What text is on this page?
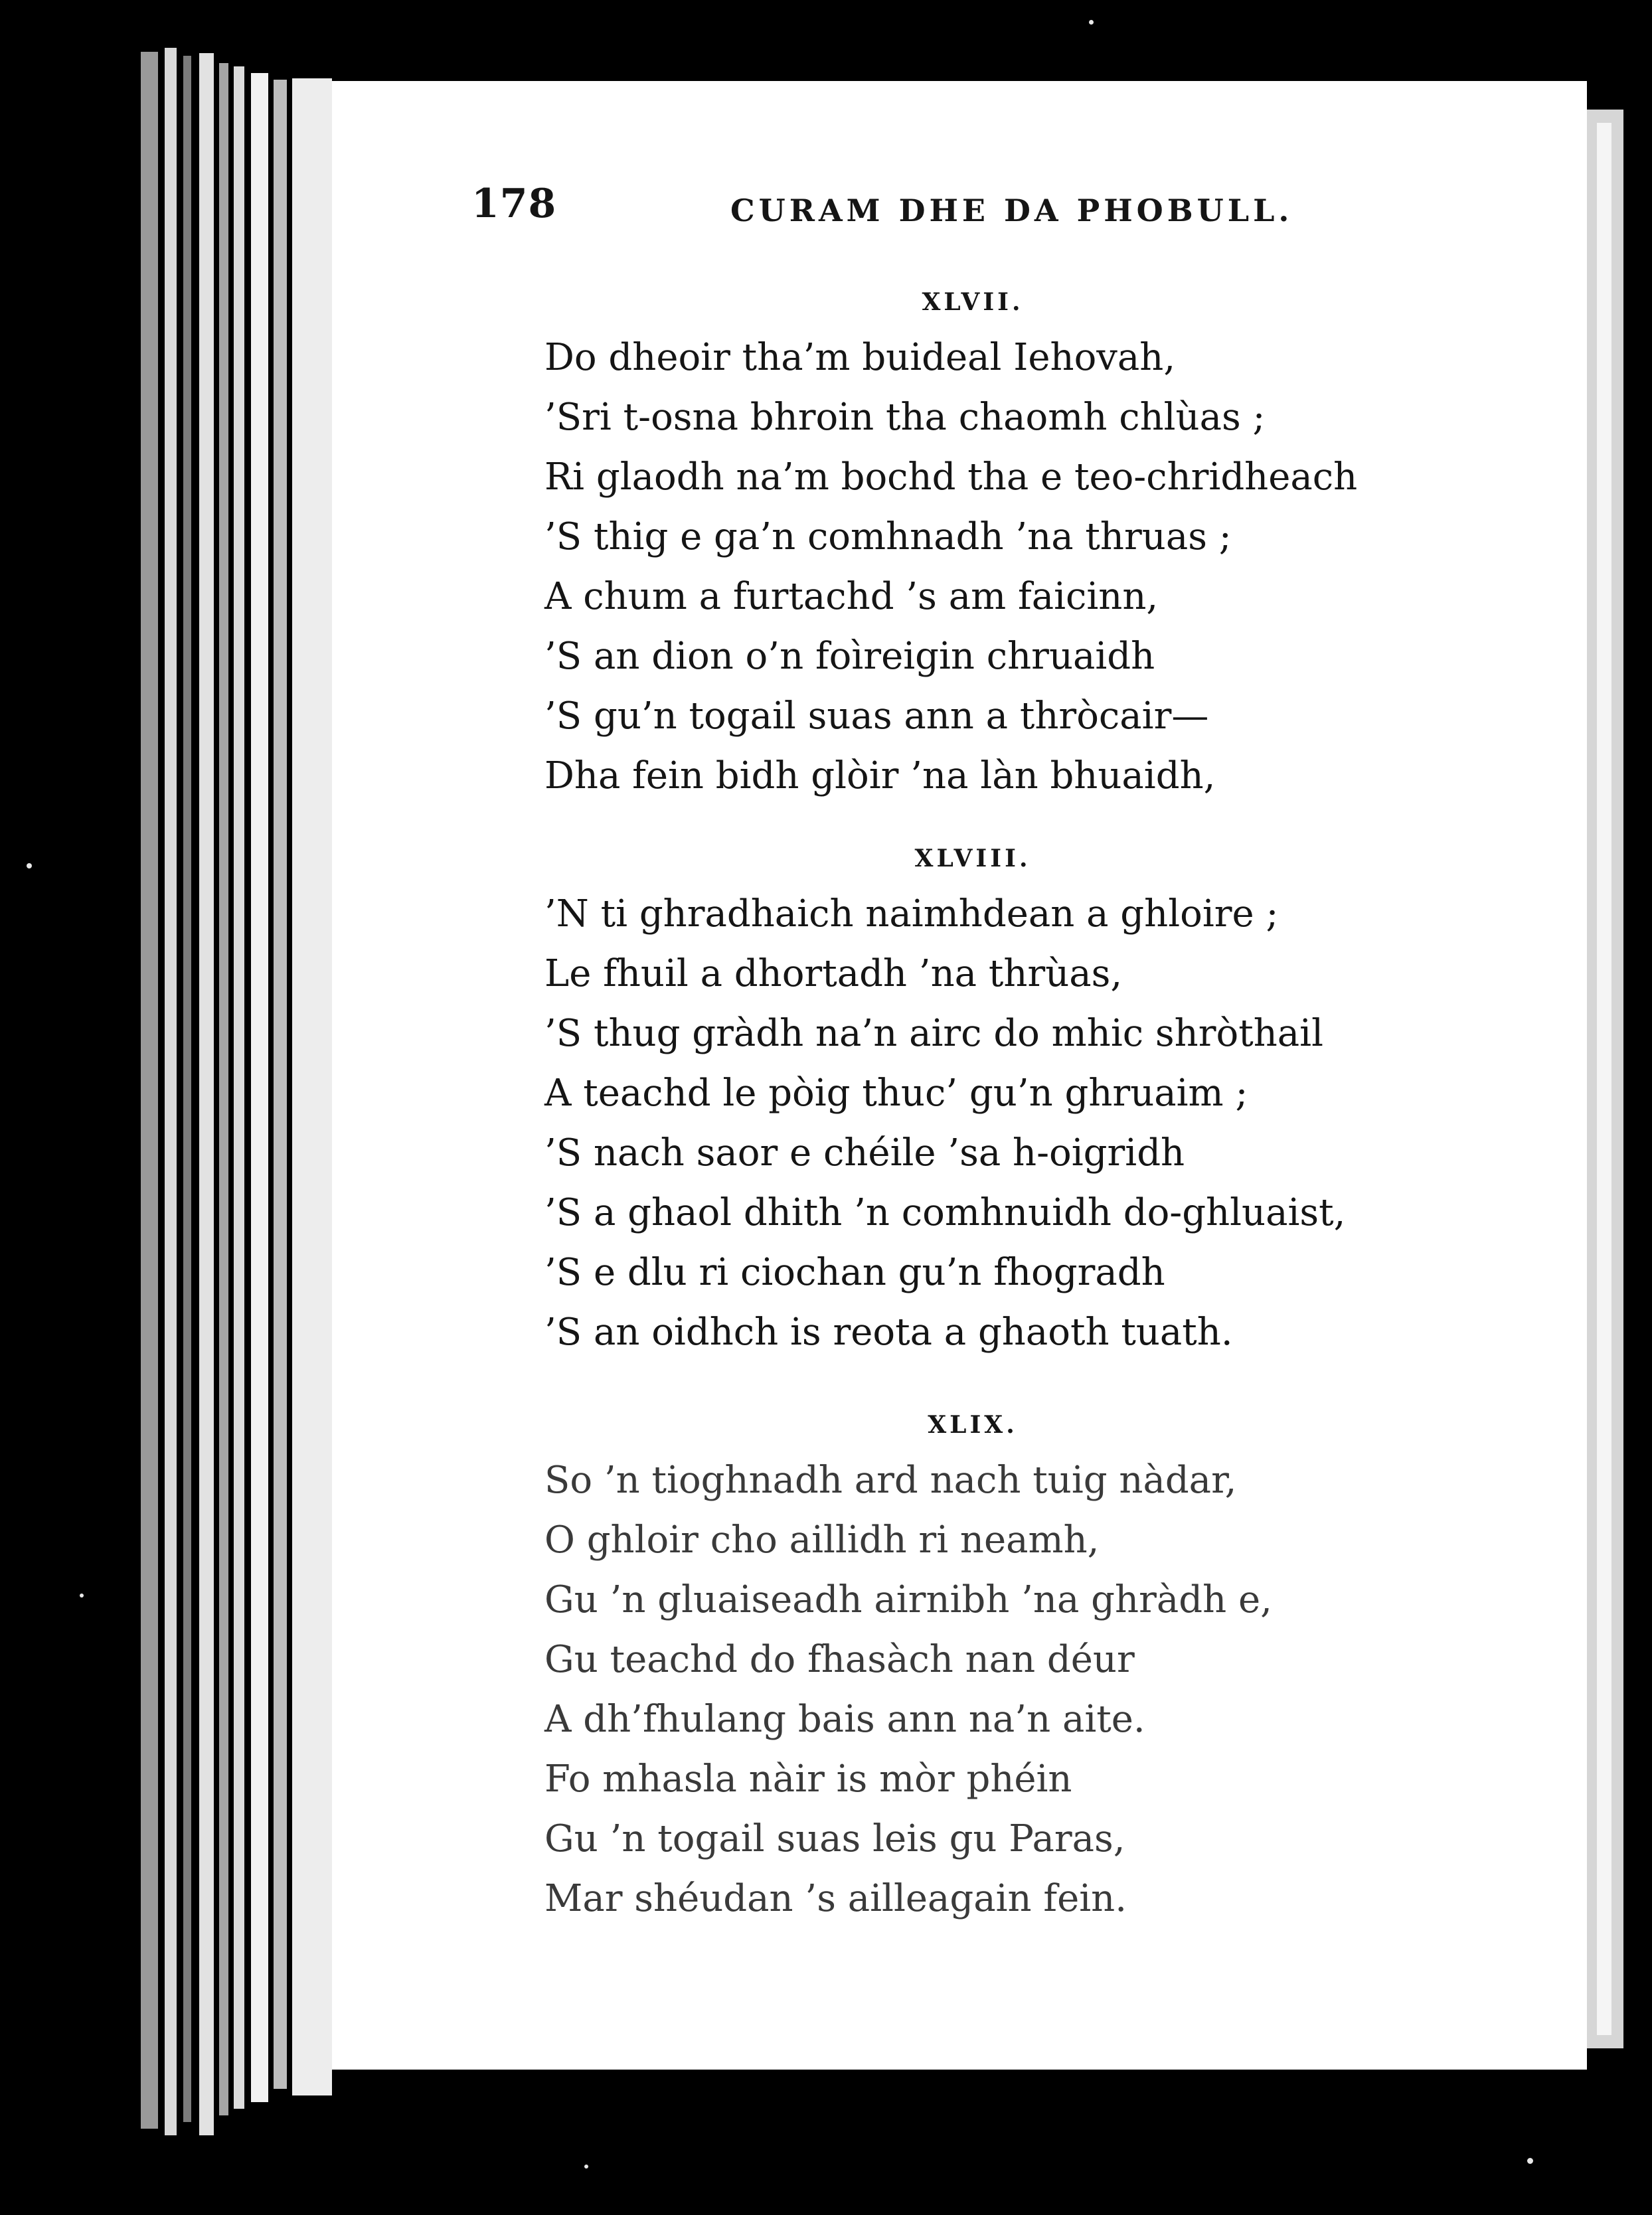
178	CURAM DHE DA PHOBULL.
XLVII.
Do dheoir tha’m buideal Iehovah,
’Sri t-osna bhroin tha chaomh chlùas ;
Ri glaodh na’m bochd tha e teo-chridheach
’S thig e ga’n comhnadh ’na thruas ;
A chum a furtachd ’s am faicinn,
’S an dion o’n foìreigin chruaidh
’S gu’n togail suas ann a thròcair—
Dha fein bidh glòir ’na làn bhuaidh,
XLVIII.
’N ti ghradhaich naimhdean a ghloire ;
Le fhuil a dhortadh ’na thrùas,
’S thug gràdh na’n airc do mhic shròthail
A teachd le pòig thuc’ gu’n ghruaim ;
’S nach saor e chéile ’sa h-oigridh
’S a ghaol dhith ’n comhnuidh do-ghluaist,
’S e dlu ri ciochan gu’n fhogradh
’S an oidhch is reota a ghaoth tuath.
XLIX.
So ’n tioghnadh ard nach tuig nàdar,
O ghloir cho aillidh ri neamh,
Gu ’n gluaiseadh airnibh ’na ghràdh e,
Gu teachd do fhasàch nan déur
A dh’fhulang bais ann na’n aite.
Fo mhasla nàir is mòr phéin
Gu ’n togail suas leis gu Paras,
Mar shéudan ’s ailleagain fein.
